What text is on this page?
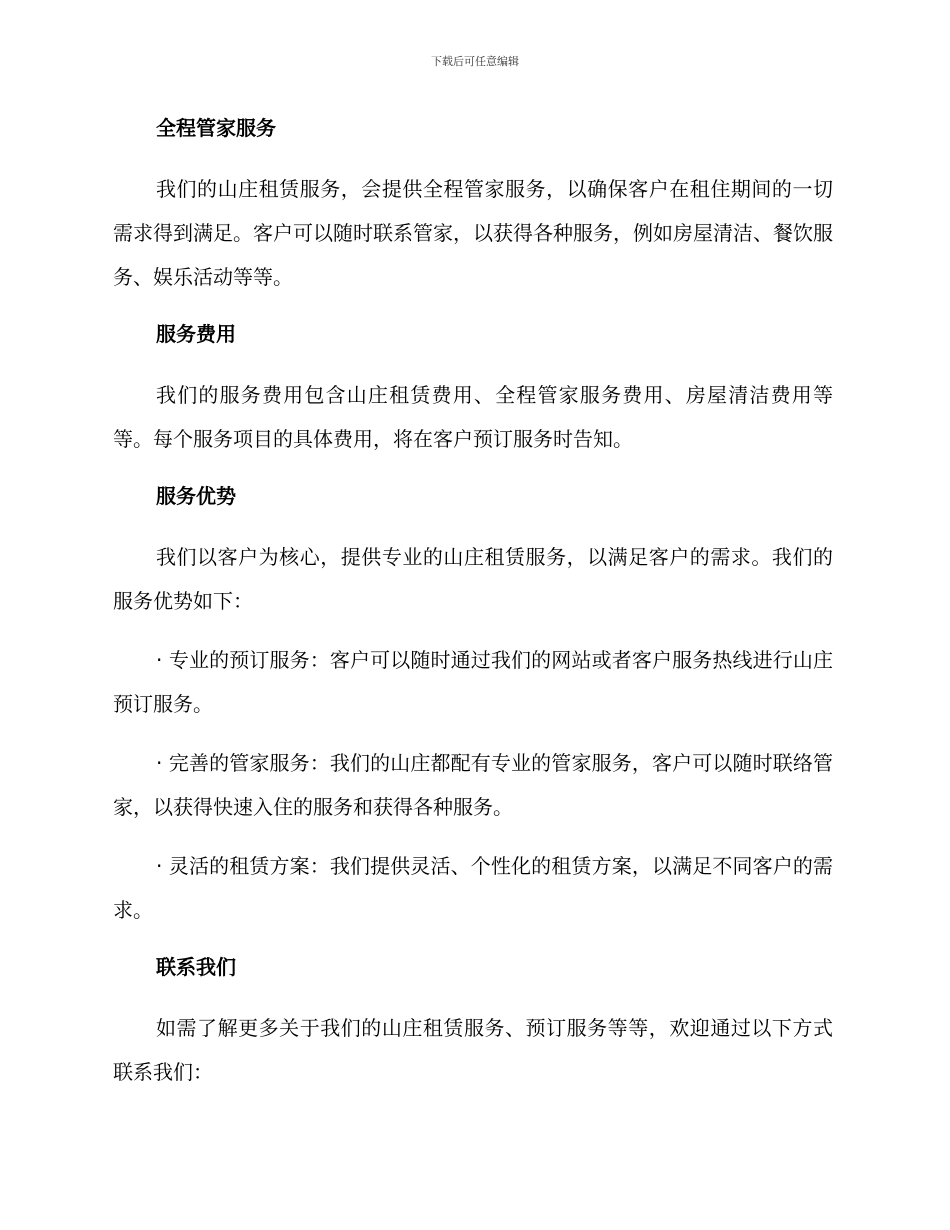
下载后可任意编辑
全程管家服务

我们的山庄租赁服务，会提供全程管家服务，以确保客户在租住期间的一切需求得到满足。客户可以随时联系管家，以获得各种服务，例如房屋清洁、餐饮服务、娱乐活动等等。

服务费用

我们的服务费用包含山庄租赁费用、全程管家服务费用、房屋清洁费用等等。每个服务项目的具体费用，将在客户预订服务时告知。

服务优势

我们以客户为核心，提供专业的山庄租赁服务，以满足客户的需求。我们的服务优势如下：

· 专业的预订服务：客户可以随时通过我们的网站或者客户服务热线进行山庄预订服务。

· 完善的管家服务：我们的山庄都配有专业的管家服务，客户可以随时联络管家，以获得快速入住的服务和获得各种服务。

· 灵活的租赁方案：我们提供灵活、个性化的租赁方案，以满足不同客户的需求。

联系我们

如需了解更多关于我们的山庄租赁服务、预订服务等等，欢迎通过以下方式联系我们：
